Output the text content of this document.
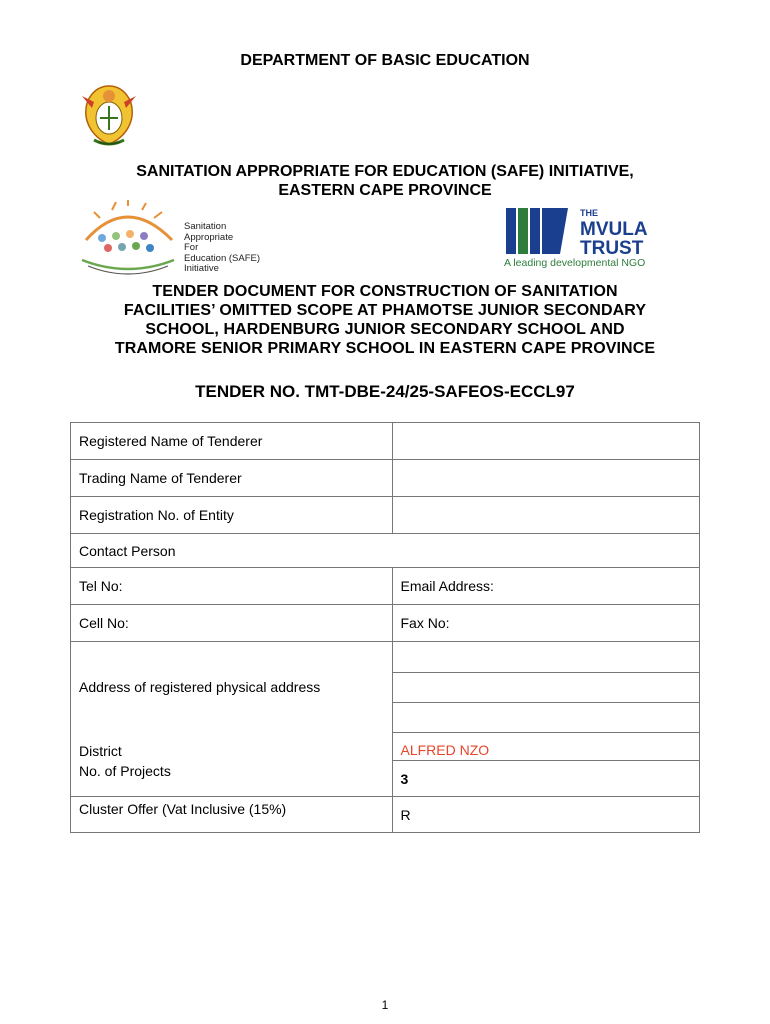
DEPARTMENT OF BASIC EDUCATION
SANITATION APPROPRIATE FOR EDUCATION (SAFE) INITIATIVE,
EASTERN CAPE PROVINCE
Sanitation
Appropriate
For
Education (SAFE)
Initiative
THE
MVULA
TRUST
A leading developmental NGO
TENDER DOCUMENT FOR CONSTRUCTION OF SANITATION
FACILITIES’ OMITTED SCOPE AT PHAMOTSE JUNIOR SECONDARY
SCHOOL, HARDENBURG JUNIOR SECONDARY SCHOOL AND
TRAMORE SENIOR PRIMARY SCHOOL IN EASTERN CAPE PROVINCE
TENDER NO. TMT-DBE-24/25-SAFEOS-ECCL97
Registered Name of Tenderer	
Trading Name of Tenderer	
Registration No. of Entity	
Contact Person	
Tel No:	Email Address:
Cell No:	Fax No:
Address of registered physical address	

District	ALFRED NZO
No. of Projects	3
Cluster Offer (Vat Inclusive (15%)	R
1
